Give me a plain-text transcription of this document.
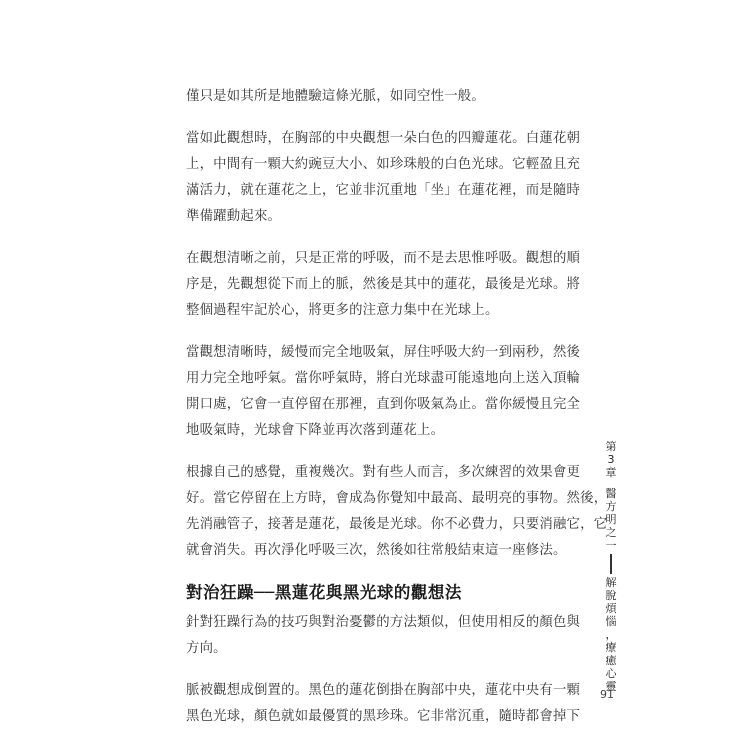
僅只是如其所是地體驗這條光脈，如同空性一般。
當如此觀想時，在胸部的中央觀想一朵白色的四瓣蓮花。白蓮花朝
上，中間有一顆大約豌豆大小、如珍珠般的白色光球。它輕盈且充
滿活力，就在蓮花之上，它並非沉重地「坐」在蓮花裡，而是隨時
準備躍動起來。
在觀想清晰之前，只是正常的呼吸，而不是去思惟呼吸。觀想的順
序是，先觀想從下而上的脈，然後是其中的蓮花，最後是光球。將
整個過程牢記於心，將更多的注意力集中在光球上。
當觀想清晰時，緩慢而完全地吸氣，屏住呼吸大約一到兩秒，然後
用力完全地呼氣。當你呼氣時，將白光球盡可能遠地向上送入頂輪
開口處，它會一直停留在那裡，直到你吸氣為止。當你緩慢且完全
地吸氣時，光球會下降並再次落到蓮花上。
根據自己的感覺，重複幾次。對有些人而言，多次練習的效果會更
好。當它停留在上方時，會成為你覺知中最高、最明亮的事物。然後，
先消融管子，接著是蓮花，最後是光球。你不必費力，只要消融它，它
就會消失。再次淨化呼吸三次，然後如往常般結束這一座修法。
對治狂躁──黑蓮花與黑光球的觀想法
針對狂躁行為的技巧與對治憂鬱的方法類似，但使用相反的顏色與
方向。
脈被觀想成倒置的。黑色的蓮花倒掛在胸部中央，蓮花中央有一顆
黑色光球，顏色就如最優質的黑珍珠。它非常沉重，隨時都會掉下
第
3
章
醫
方
明
之
一
解
脫
煩
惱
，
療
癒
心
靈
91
